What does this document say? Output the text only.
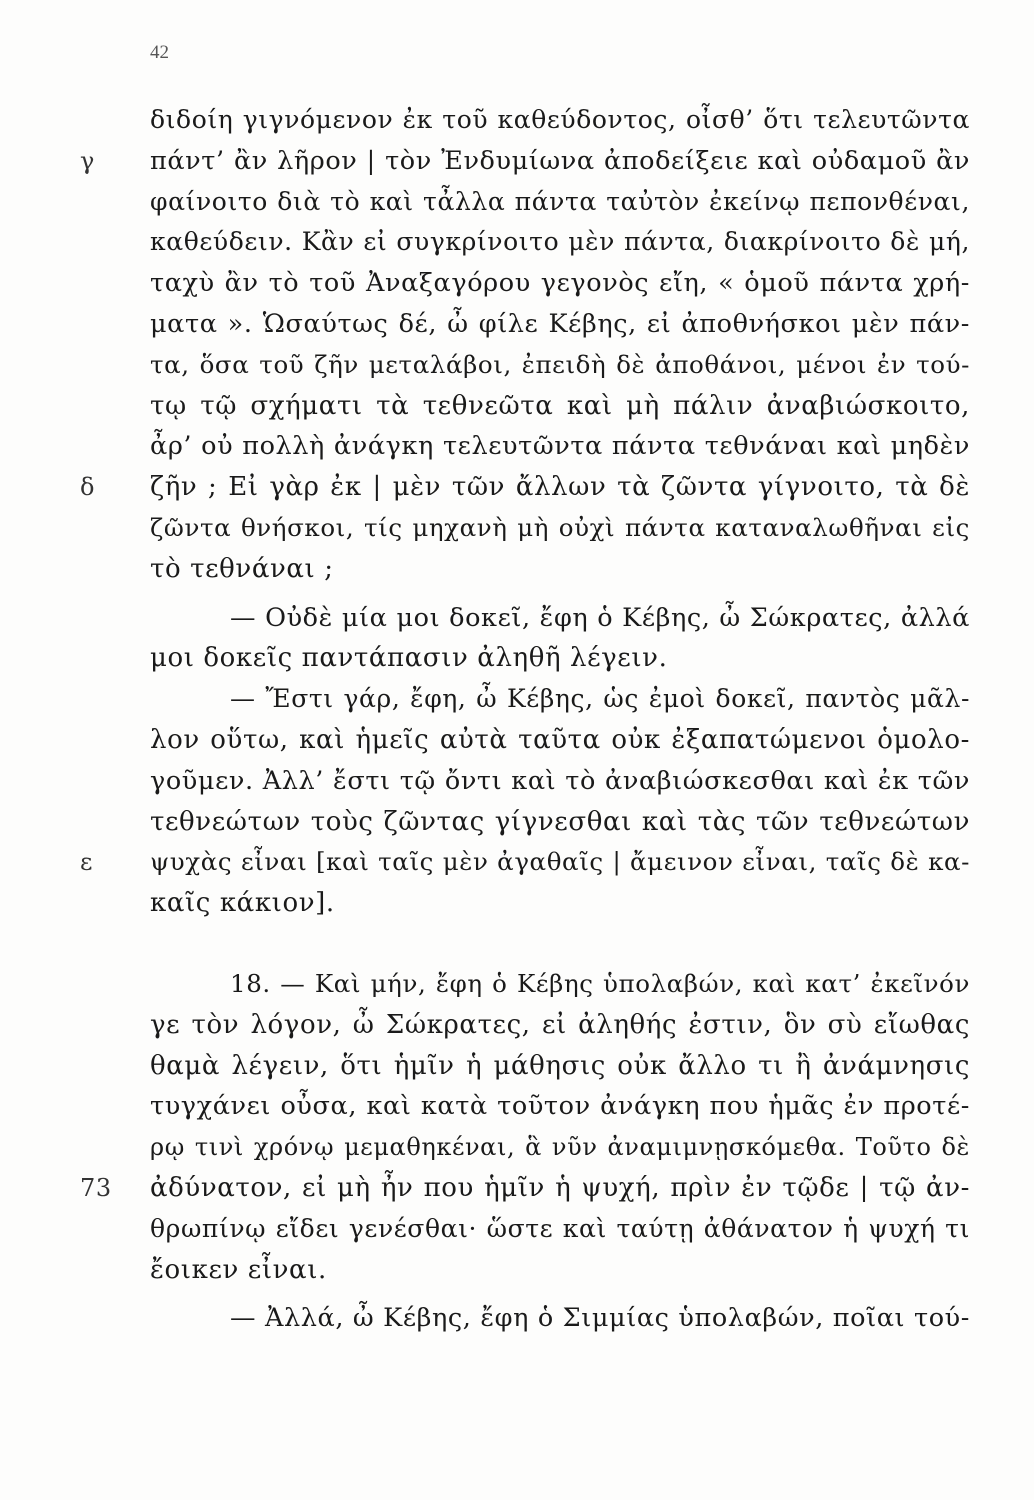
42
διδοίη γιγνόμενον ἐκ τοῦ καθεύδοντος, οἶσθ’ ὅτι τελευτῶντα
γ πάντ’ ἂν λῆρον | τὸν Ἐνδυμίωνα ἀποδείξειε καὶ οὐδαμοῦ ἂν
φαίνοιτο διὰ τὸ καὶ τἆλλα πάντα ταὐτὸν ἐκείνῳ πεπονθέναι,
καθεύδειν. Κἂν εἰ συγκρίνοιτο μὲν πάντα, διακρίνοιτο δὲ μή,
ταχὺ ἂν τὸ τοῦ Ἀναξαγόρου γεγονὸς εἴη, « ὁμοῦ πάντα χρή-
ματα ». Ὡσαύτως δέ, ὦ φίλε Κέβης, εἰ ἀποθνήσκοι μὲν πάν-
τα, ὅσα τοῦ ζῆν μεταλάβοι, ἐπειδὴ δὲ ἀποθάνοι, μένοι ἐν τού-
τῳ τῷ σχήματι τὰ τεθνεῶτα καὶ μὴ πάλιν ἀναβιώσκοιτο,
ἆρ’ οὐ πολλὴ ἀνάγκη τελευτῶντα πάντα τεθνάναι καὶ μηδὲν
δ ζῆν ; Εἰ γὰρ ἐκ | μὲν τῶν ἄλλων τὰ ζῶντα γίγνοιτο, τὰ δὲ
ζῶντα θνήσκοι, τίς μηχανὴ μὴ οὐχὶ πάντα καταναλωθῆναι εἰς
τὸ τεθνάναι ;
— Οὐδὲ μία μοι δοκεῖ, ἔφη ὁ Κέβης, ὦ Σώκρατες, ἀλλά
μοι δοκεῖς παντάπασιν ἀληθῆ λέγειν.
— Ἔστι γάρ, ἔφη, ὦ Κέβης, ὡς ἐμοὶ δοκεῖ, παντὸς μᾶλ-
λον οὕτω, καὶ ἡμεῖς αὐτὰ ταῦτα οὐκ ἐξαπατώμενοι ὁμολο-
γοῦμεν. Ἀλλ’ ἔστι τῷ ὄντι καὶ τὸ ἀναβιώσκεσθαι καὶ ἐκ τῶν
τεθνεώτων τοὺς ζῶντας γίγνεσθαι καὶ τὰς τῶν τεθνεώτων
ε ψυχὰς εἶναι [καὶ ταῖς μὲν ἀγαθαῖς | ἄμεινον εἶναι, ταῖς δὲ κα-
καῖς κάκιον].
18. — Καὶ μήν, ἔφη ὁ Κέβης ὑπολαβών, καὶ κατ’ ἐκεῖνόν
γε τὸν λόγον, ὦ Σώκρατες, εἰ ἀληθής ἐστιν, ὃν σὺ εἴωθας
θαμὰ λέγειν, ὅτι ἡμῖν ἡ μάθησις οὐκ ἄλλο τι ἢ ἀνάμνησις
τυγχάνει οὖσα, καὶ κατὰ τοῦτον ἀνάγκη που ἡμᾶς ἐν προτέ-
ρῳ τινὶ χρόνῳ μεμαθηκέναι, ἃ νῦν ἀναμιμνῃσκόμεθα. Τοῦτο δὲ
73 ἀδύνατον, εἰ μὴ ἦν που ἡμῖν ἡ ψυχή, πρὶν ἐν τῷδε | τῷ ἀν-
θρωπίνῳ εἴδει γενέσθαι· ὥστε καὶ ταύτῃ ἀθάνατον ἡ ψυχή τι
ἔοικεν εἶναι.
— Ἀλλά, ὦ Κέβης, ἔφη ὁ Σιμμίας ὑπολαβών, ποῖαι τού-
